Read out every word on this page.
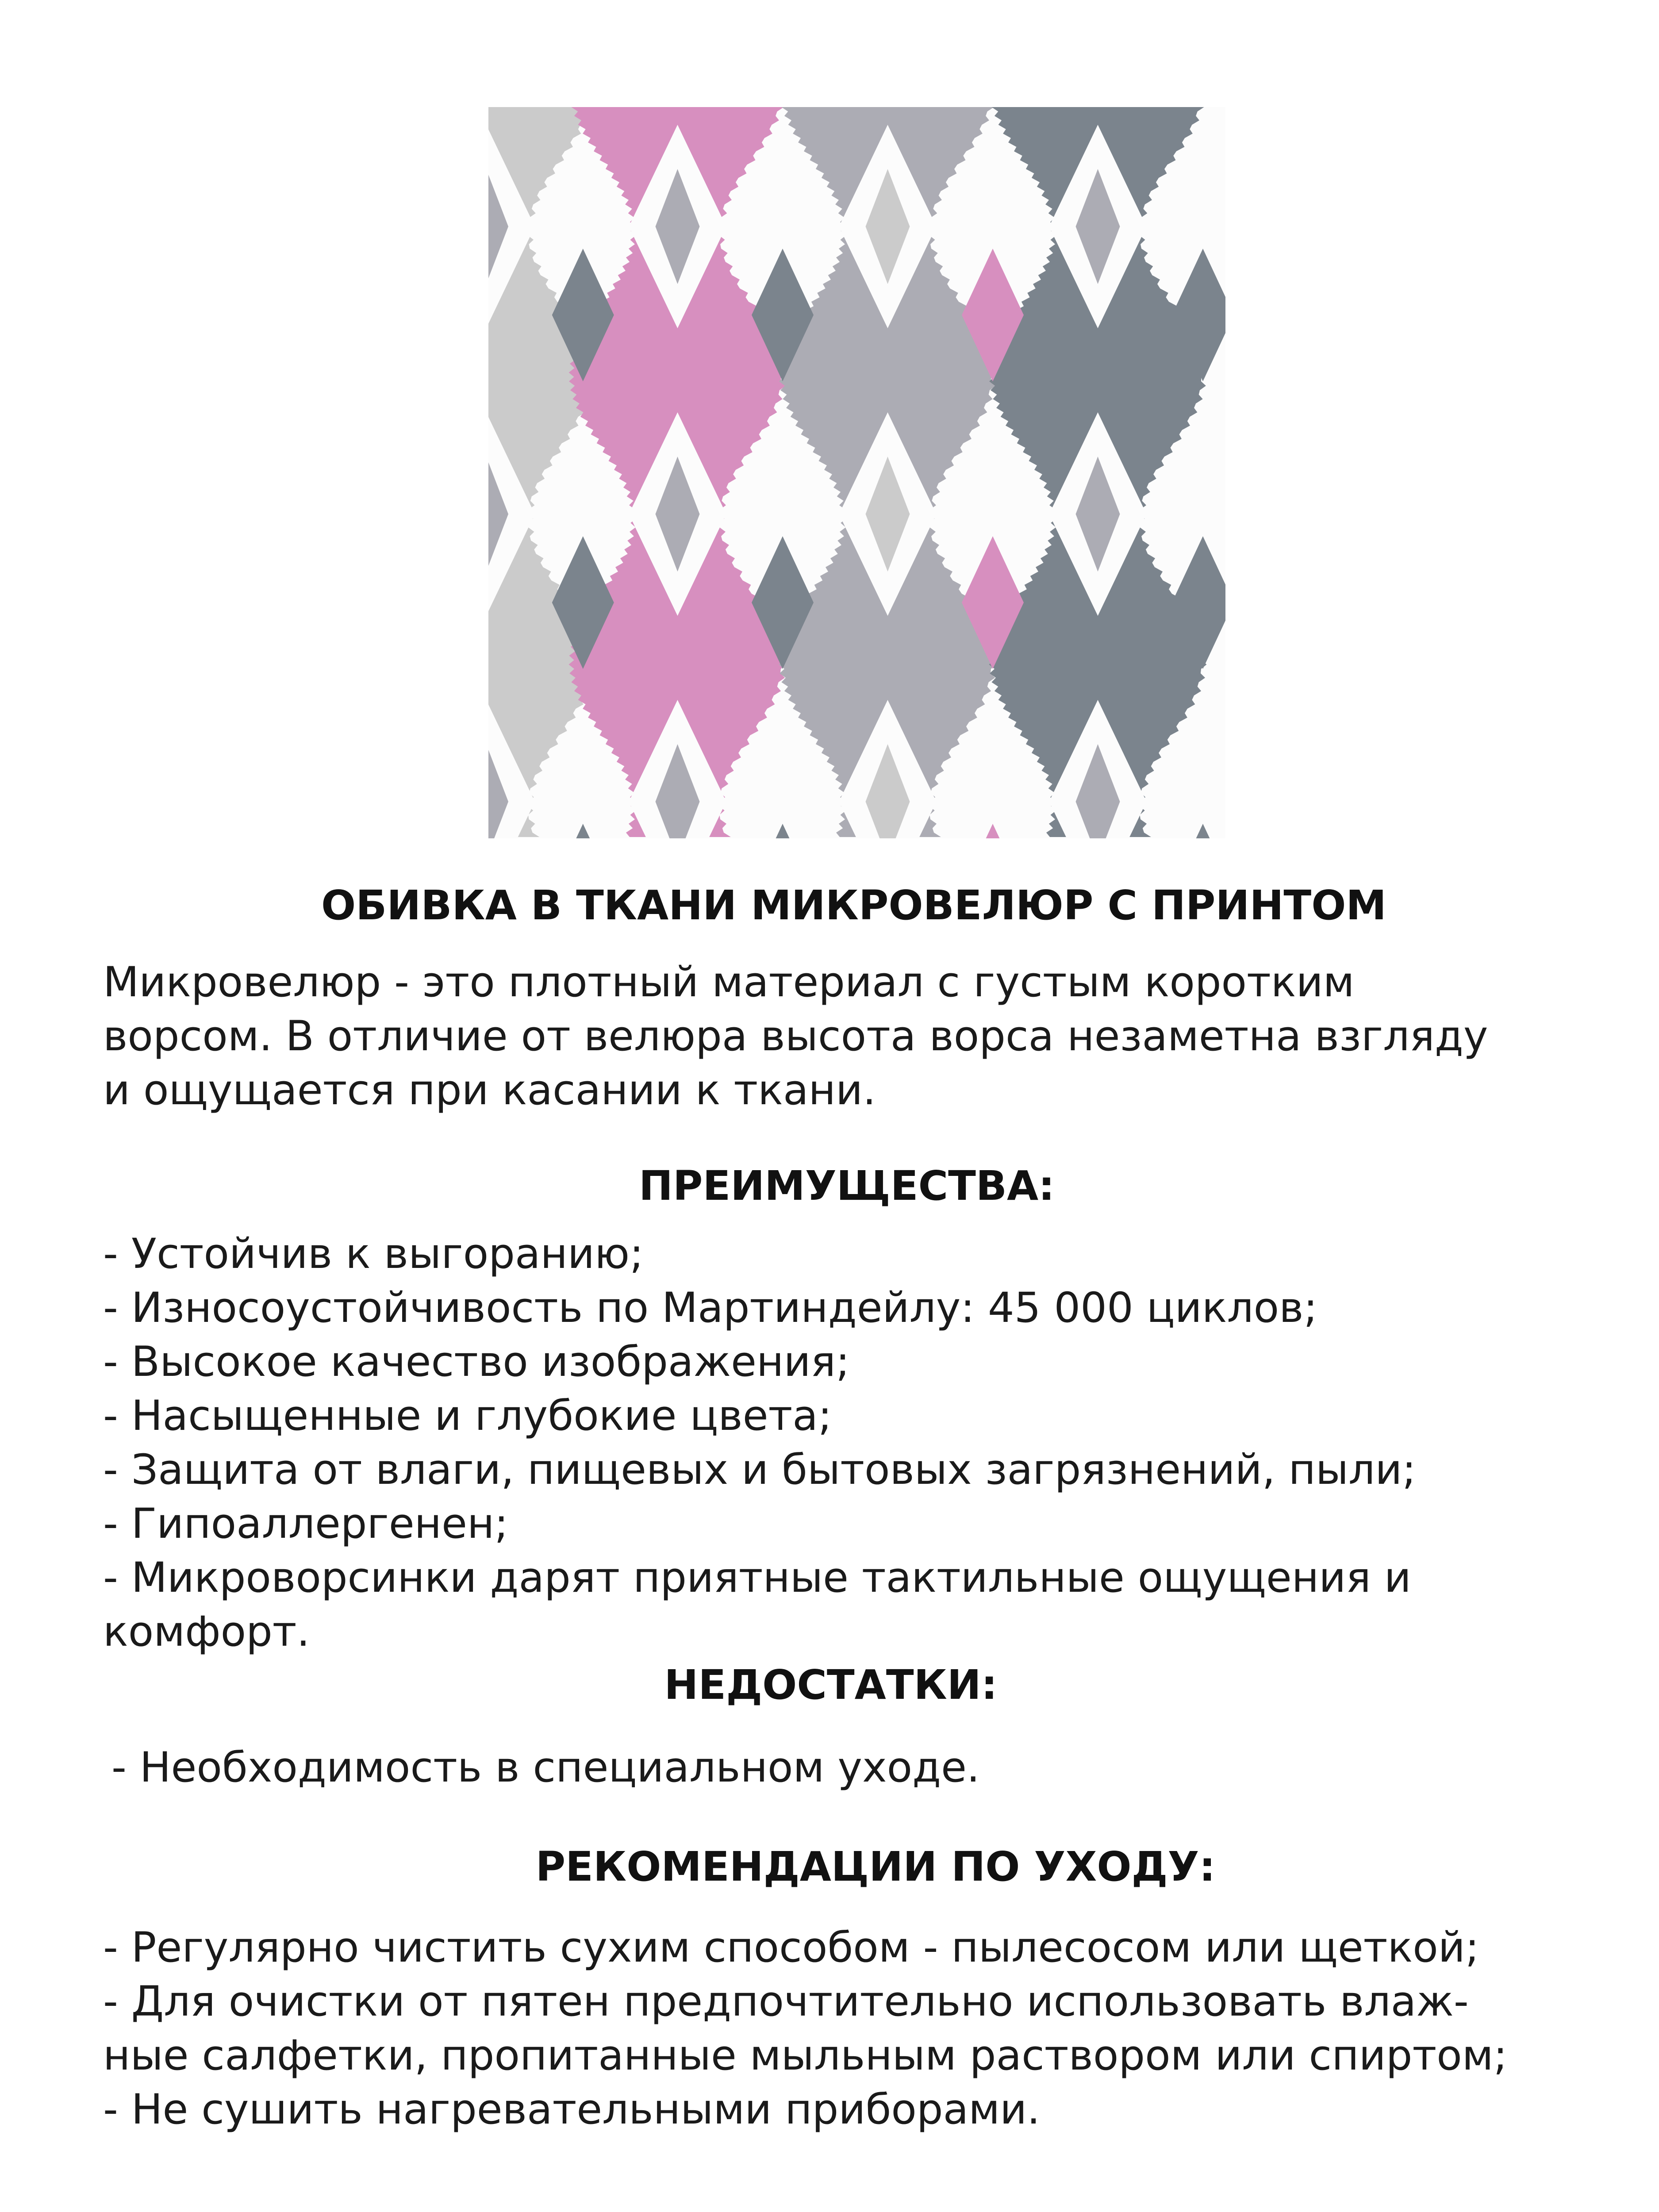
ОБИВКА В ТКАНИ МИКРОВЕЛЮР С ПРИНТОМ
Микровелюр - это плотный материал с густым коротким
ворсом. В отличие от велюра высота ворса незаметна взгляду
и ощущается при касании к ткани.
ПРЕИМУЩЕСТВА:
- Устойчив к выгоранию;
- Износоустойчивость по Мартиндейлу: 45 000 циклов;
- Высокое качество изображения;
- Насыщенные и глубокие цвета;
- Защита от влаги, пищевых и бытовых загрязнений, пыли;
- Гипоаллергенен;
- Микроворсинки дарят приятные тактильные ощущения и
комфорт.
НЕДОСТАТКИ:
- Необходимость в специальном уходе.
РЕКОМЕНДАЦИИ ПО УХОДУ:
- Регулярно чистить сухим способом - пылесосом или щеткой;
- Для очистки от пятен предпочтительно использовать влаж-
ные салфетки, пропитанные мыльным раствором или спиртом;
- Не сушить нагревательными приборами.
